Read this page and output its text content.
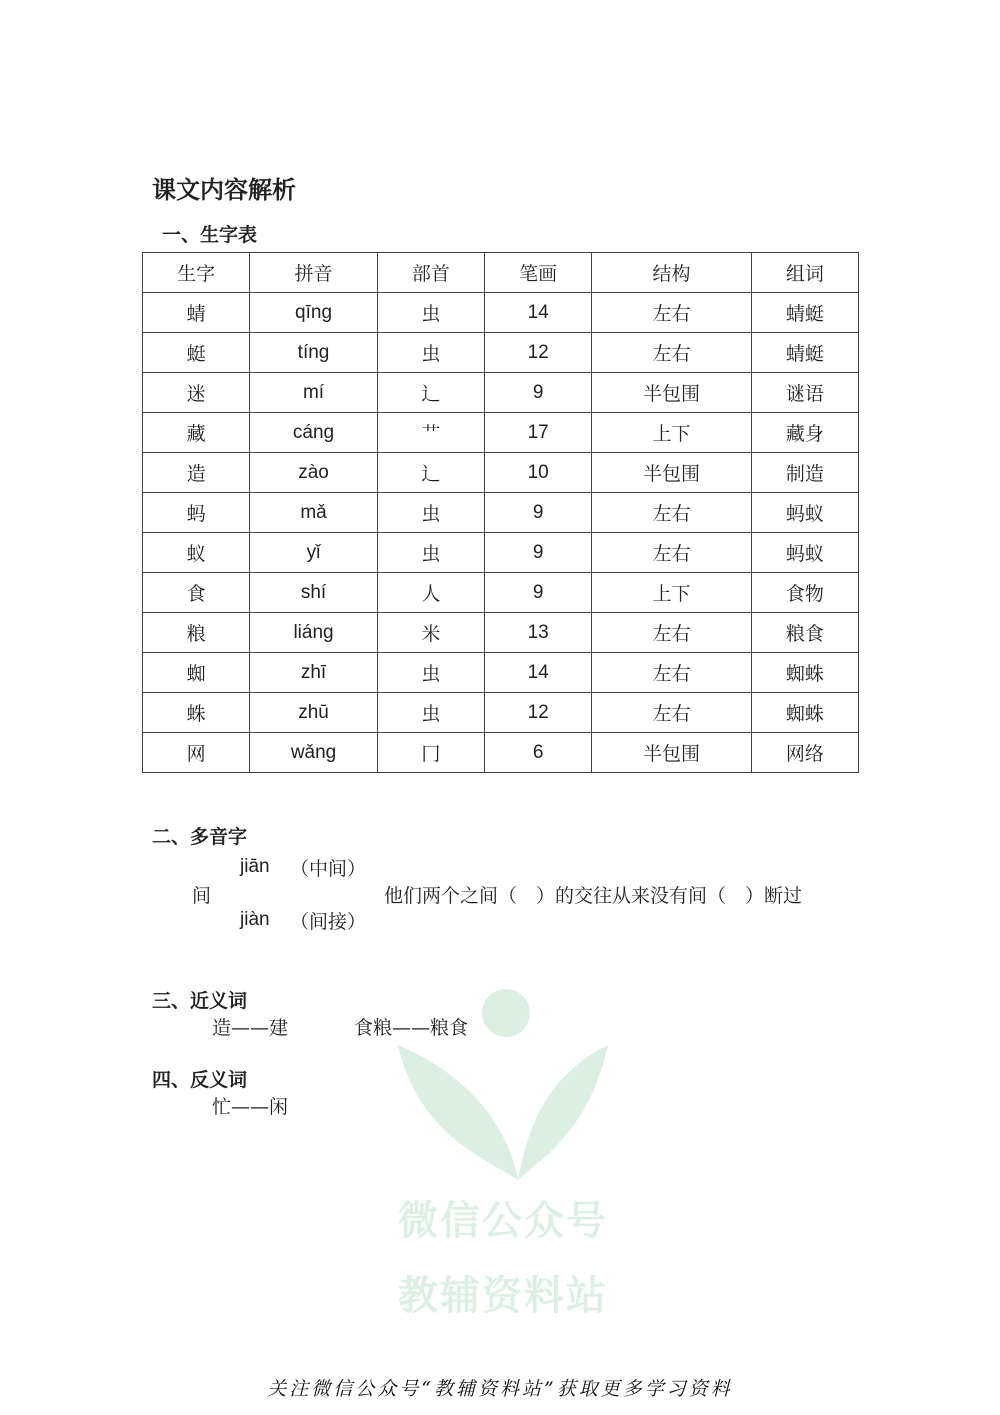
课文内容解析
一、生字表
生字	拼音	部首	笔画	结构	组词
蜻	qīng	虫	14	左右	蜻蜓
蜓	tíng	虫	12	左右	蜻蜓
迷	mí	辶	9	半包围	谜语
藏	cáng	艹	17	上下	藏身
造	zào	辶	10	半包围	制造
蚂	mǎ	虫	9	左右	蚂蚁
蚁	yǐ	虫	9	左右	蚂蚁
食	shí	人	9	上下	食物
粮	liáng	米	13	左右	粮食
蜘	zhī	虫	14	左右	蜘蛛
蛛	zhū	虫	12	左右	蜘蛛
网	wǎng	冂	6	半包围	网络
二、多音字
jiān （中间）
间	他们两个之间（　）的交往从来没有间（　）断过
jiàn （间接）
三、近义词
造——建	食粮——粮食
四、反义词
忙——闲
微信公众号
教辅资料站
关注微信公众号“教辅资料站”获取更多学习资料
